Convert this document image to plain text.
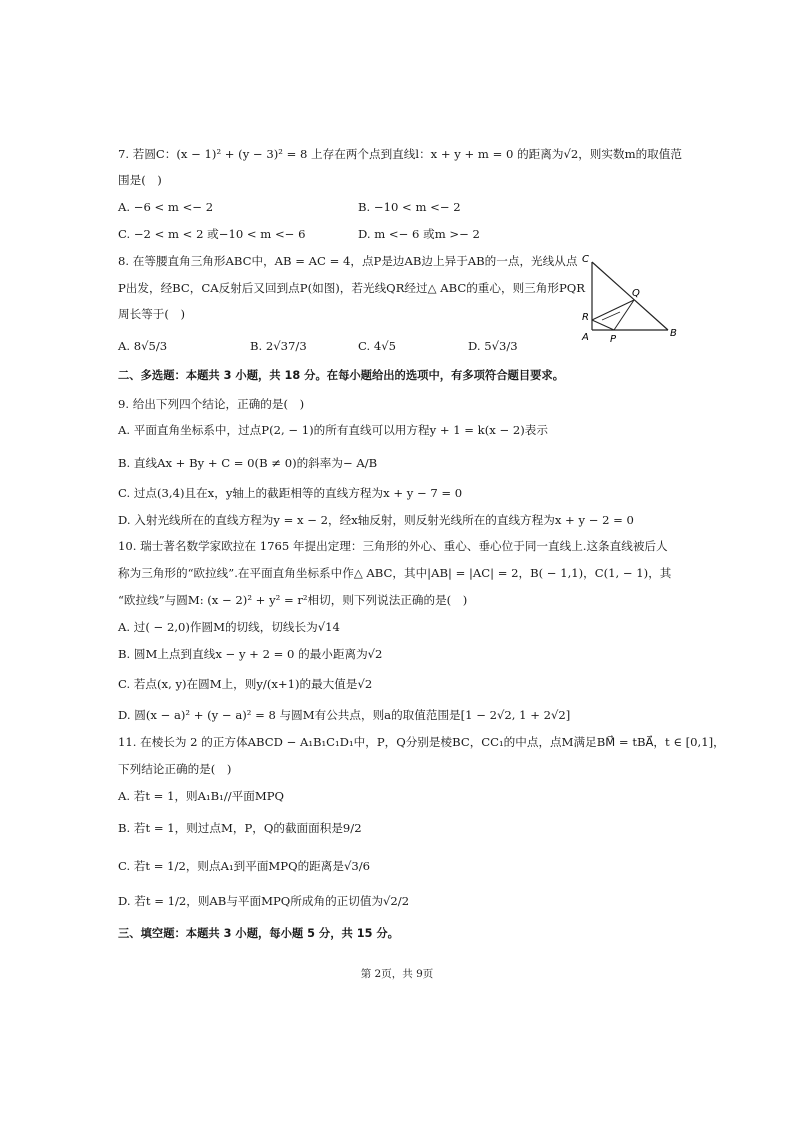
7. 若圆C：(x − 1)² + (y − 3)² = 8 上存在两个点到直线l：x + y + m = 0 的距离为√2，则实数m的取值范
围是(　)
A. −6 < m <− 2	B. −10 < m <− 2
C. −2 < m < 2 或−10 < m <− 6	D. m <− 6 或m >− 2
8. 在等腰直角三角形ABC中，AB = AC = 4，点P是边AB边上异于AB的一点，光线从点
P出发，经BC，CA反射后又回到点P(如图)，若光线QR经过△ ABC的重心，则三角形PQR
周长等于(　)
A. 8√5/3	B. 2√37/3	C. 4√5	D. 5√3/3
C
Q
R
A P
B
二、多选题：本题共 3 小题，共 18 分。在每小题给出的选项中，有多项符合题目要求。
9. 给出下列四个结论，正确的是(　)
A. 平面直角坐标系中，过点P(2, − 1)的所有直线可以用方程y + 1 = k(x − 2)表示
B. 直线Ax + By + C = 0(B ≠ 0)的斜率为− A/B
C. 过点(3,4)且在x，y轴上的截距相等的直线方程为x + y − 7 = 0
D. 入射光线所在的直线方程为y = x − 2，经x轴反射，则反射光线所在的直线方程为x + y − 2 = 0
10. 瑞士著名数学家欧拉在 1765 年提出定理：三角形的外心、重心、垂心位于同一直线上.这条直线被后人
称为三角形的“欧拉线”.在平面直角坐标系中作△ ABC，其中|AB| = |AC| = 2，B( − 1,1)，C(1, − 1)，其
“欧拉线”与圆M: (x − 2)² + y² = r²相切，则下列说法正确的是(　)
A. 过( − 2,0)作圆M的切线，切线长为√14
B. 圆M上点到直线x − y + 2 = 0 的最小距离为√2
C. 若点(x, y)在圆M上，则y/(x+1)的最大值是√2
D. 圆(x − a)² + (y − a)² = 8 与圆M有公共点，则a的取值范围是[1 − 2√2, 1 + 2√2]
11. 在棱长为 2 的正方体ABCD − A₁B₁C₁D₁中，P，Q分别是棱BC，CC₁的中点，点M满足BM⃗ = tBA⃗，t ∈ [0,1]，
下列结论正确的是(　)
A. 若t = 1，则A₁B₁//平面MPQ
B. 若t = 1，则过点M，P，Q的截面面积是9/2
C. 若t = 1/2，则点A₁到平面MPQ的距离是√3/6
D. 若t = 1/2，则AB与平面MPQ所成角的正切值为√2/2
三、填空题：本题共 3 小题，每小题 5 分，共 15 分。
第 2页，共 9页
